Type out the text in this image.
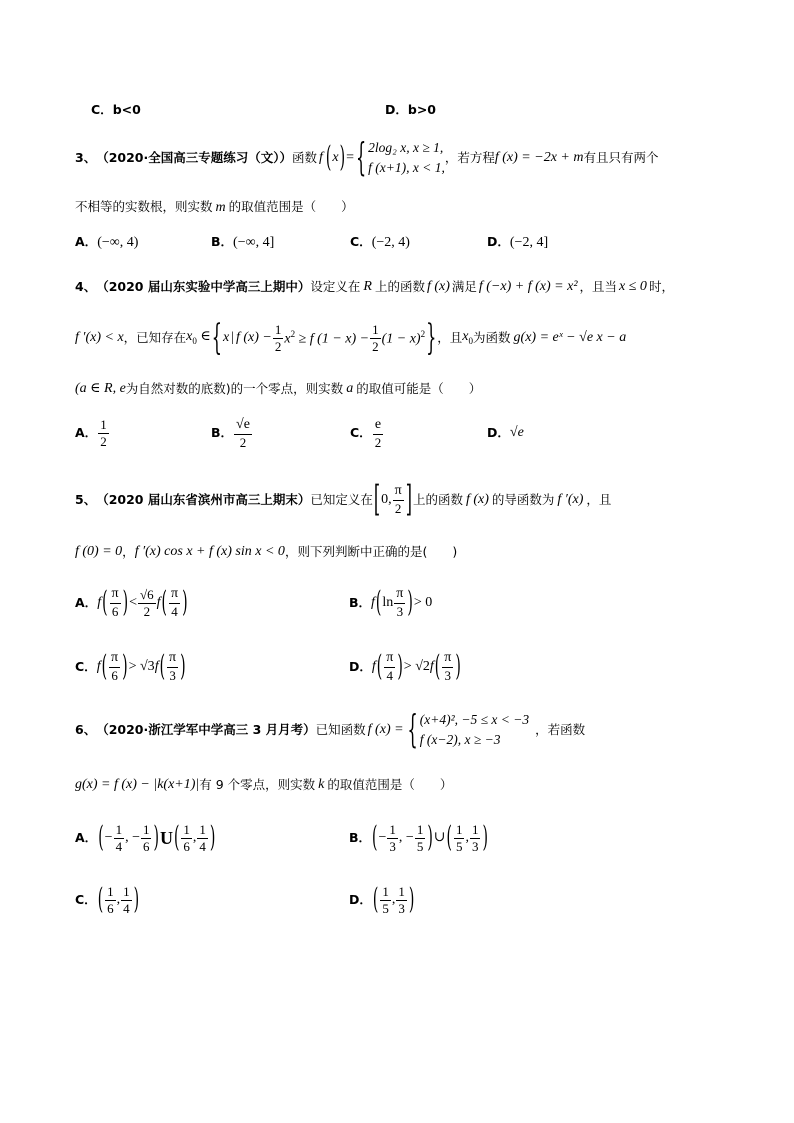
C．b<0	D．b>0
3、 （2020·全国高三专题练习（文）） 函数 f ( x ) = { 2log₂ x, x ≥ 1,
f (x+1), x < 1,
，若方程 f (x) = −2x + m 有且只有两个
不相等的实数根，则实数 m 的取值范围是（　　）
A．(−∞, 4)	B．(−∞, 4]	C．(−2, 4)	D．(−2, 4]
4、 （2020 届山东实验中学高三上期中） 设定义在 R 上的函数 f (x) 满足 f (−x) + f (x) = x² ，且当 x ≤ 0 时，
f ′(x) < x ，已知存在 $x_0$ ∈ { x | f $(x) - \frac{1}{2} x^2 \ge f$ $(1 - x) - \frac{1}{2} (1 - x)^2$ } ，且 $x_0$ 为函数 g(x) = eˣ − √e x − a
(a ∈ R, e 为自然对数的底数)的一个零点，则实数 a 的取值可能是（　　）
A． $\frac{1}{2}$	B． $\frac{√e}{2}$	C． $\frac{e}{2}$	D． √e
5、 （2020 届山东省滨州市高三上期末） 已知定义在 [ 0, $\frac{\pi}{2}$ ] 上的函数 f (x) 的导函数为 f ′(x) ，且
f (0) = 0 ， f ′(x) cos x + f (x) sin x < 0 ，则下列判断中正确的是(　　)
A． f ( $\frac{\pi}{6}$ ) < $\frac{√6}{2}$ f ( $\frac{\pi}{4}$ )	B． f ( $\ln \frac{\pi}{3}$ ) > 0
C． f ( $\frac{\pi}{6}$ ) > √3 f ( $\frac{\pi}{3}$ )	D． f ( $\frac{\pi}{4}$ ) > √2 f ( $\frac{\pi}{3}$ )
6、 （2020·浙江学军中学高三 3 月月考） 已知函数 f (x) = { (x+4)², −5 ≤ x < −3
f (x−2), x ≥ −3
，若函数
g(x) = f (x) − |k(x+1)| 有 9 个零点，则实数 k 的取值范围是（　　）
A． ( − $\frac{1}{4}$ , − $\frac{1}{6}$ ) U ( $\frac{1}{6}$ , $\frac{1}{4}$ )	B． ( − $\frac{1}{3}$ , − $\frac{1}{5}$ ) ∪ ( $\frac{1}{5}$ , $\frac{1}{3}$ )
C． ( $\frac{1}{6}$ , $\frac{1}{4}$ )	D． ( $\frac{1}{5}$ , $\frac{1}{3}$ )
